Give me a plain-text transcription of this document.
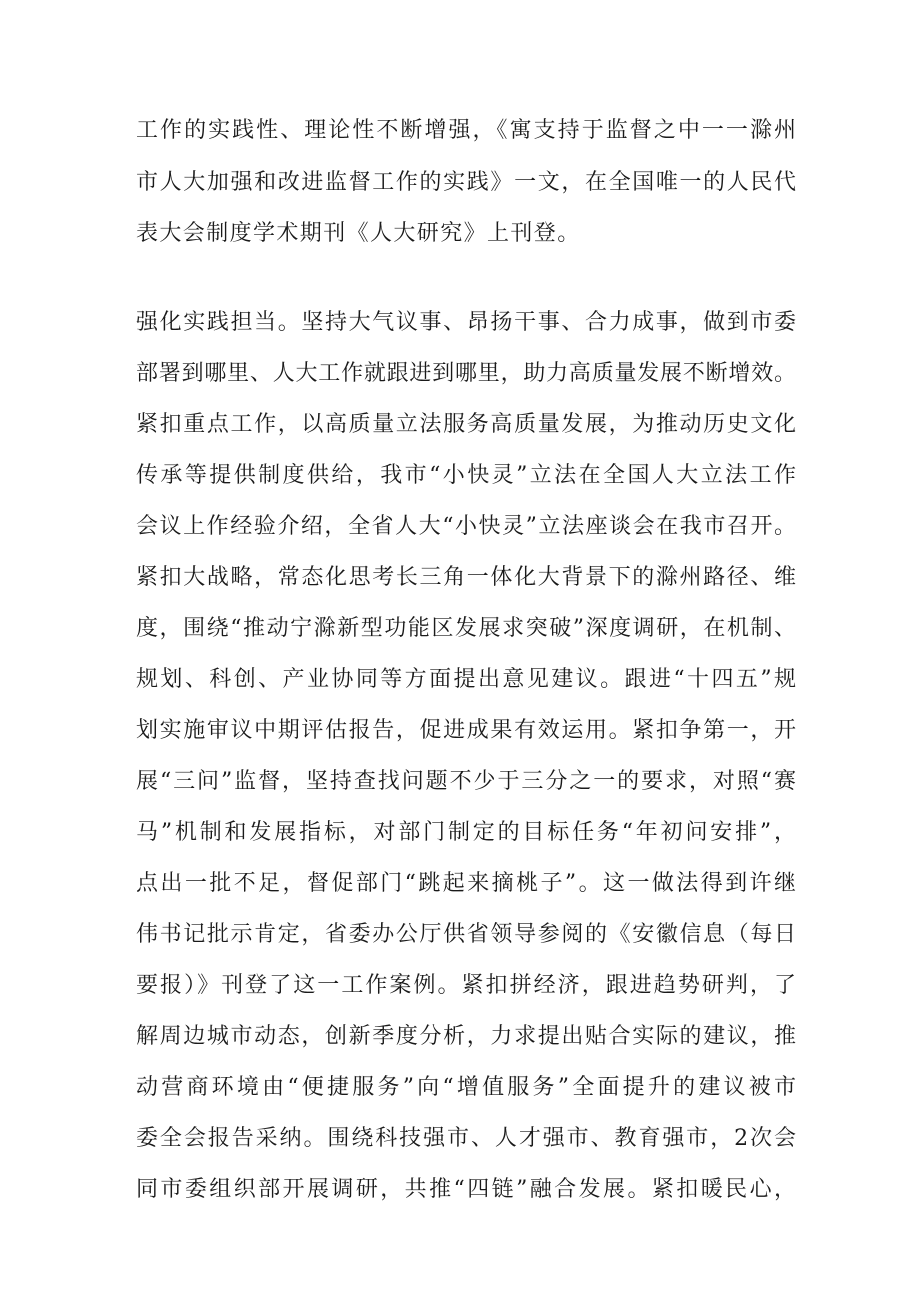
工作的实践性、理论性不断增强，《寓支持于监督之中一一滁州
市人大加强和改进监督工作的实践》一文，在全国唯一的人民代
表大会制度学术期刊《人大研究》上刊登。
强化实践担当。坚持大气议事、昂扬干事、合力成事，做到市委
部署到哪里、人大工作就跟进到哪里，助力高质量发展不断增效。
紧扣重点工作，以高质量立法服务高质量发展，为推动历史文化
传承等提供制度供给，我市“小快灵”立法在全国人大立法工作
会议上作经验介绍，全省人大“小快灵”立法座谈会在我市召开。
紧扣大战略，常态化思考长三角一体化大背景下的滁州路径、维
度，围绕“推动宁滁新型功能区发展求突破”深度调研，在机制、
规划、科创、产业协同等方面提出意见建议。跟进“十四五”规
划实施审议中期评估报告，促进成果有效运用。紧扣争第一，开
展“三问”监督，坚持查找问题不少于三分之一的要求，对照“赛
马”机制和发展指标，对部门制定的目标任务“年初问安排”，
点出一批不足，督促部门“跳起来摘桃子”。这一做法得到许继
伟书记批示肯定，省委办公厅供省领导参阅的《安徽信息（每日
要报）》刊登了这一工作案例。紧扣拼经济，跟进趋势研判，了
解周边城市动态，创新季度分析，力求提出贴合实际的建议，推
动营商环境由“便捷服务”向“增值服务”全面提升的建议被市
委全会报告采纳。围绕科技强市、人才强市、教育强市，2次会
同市委组织部开展调研，共推“四链”融合发展。紧扣暖民心，
